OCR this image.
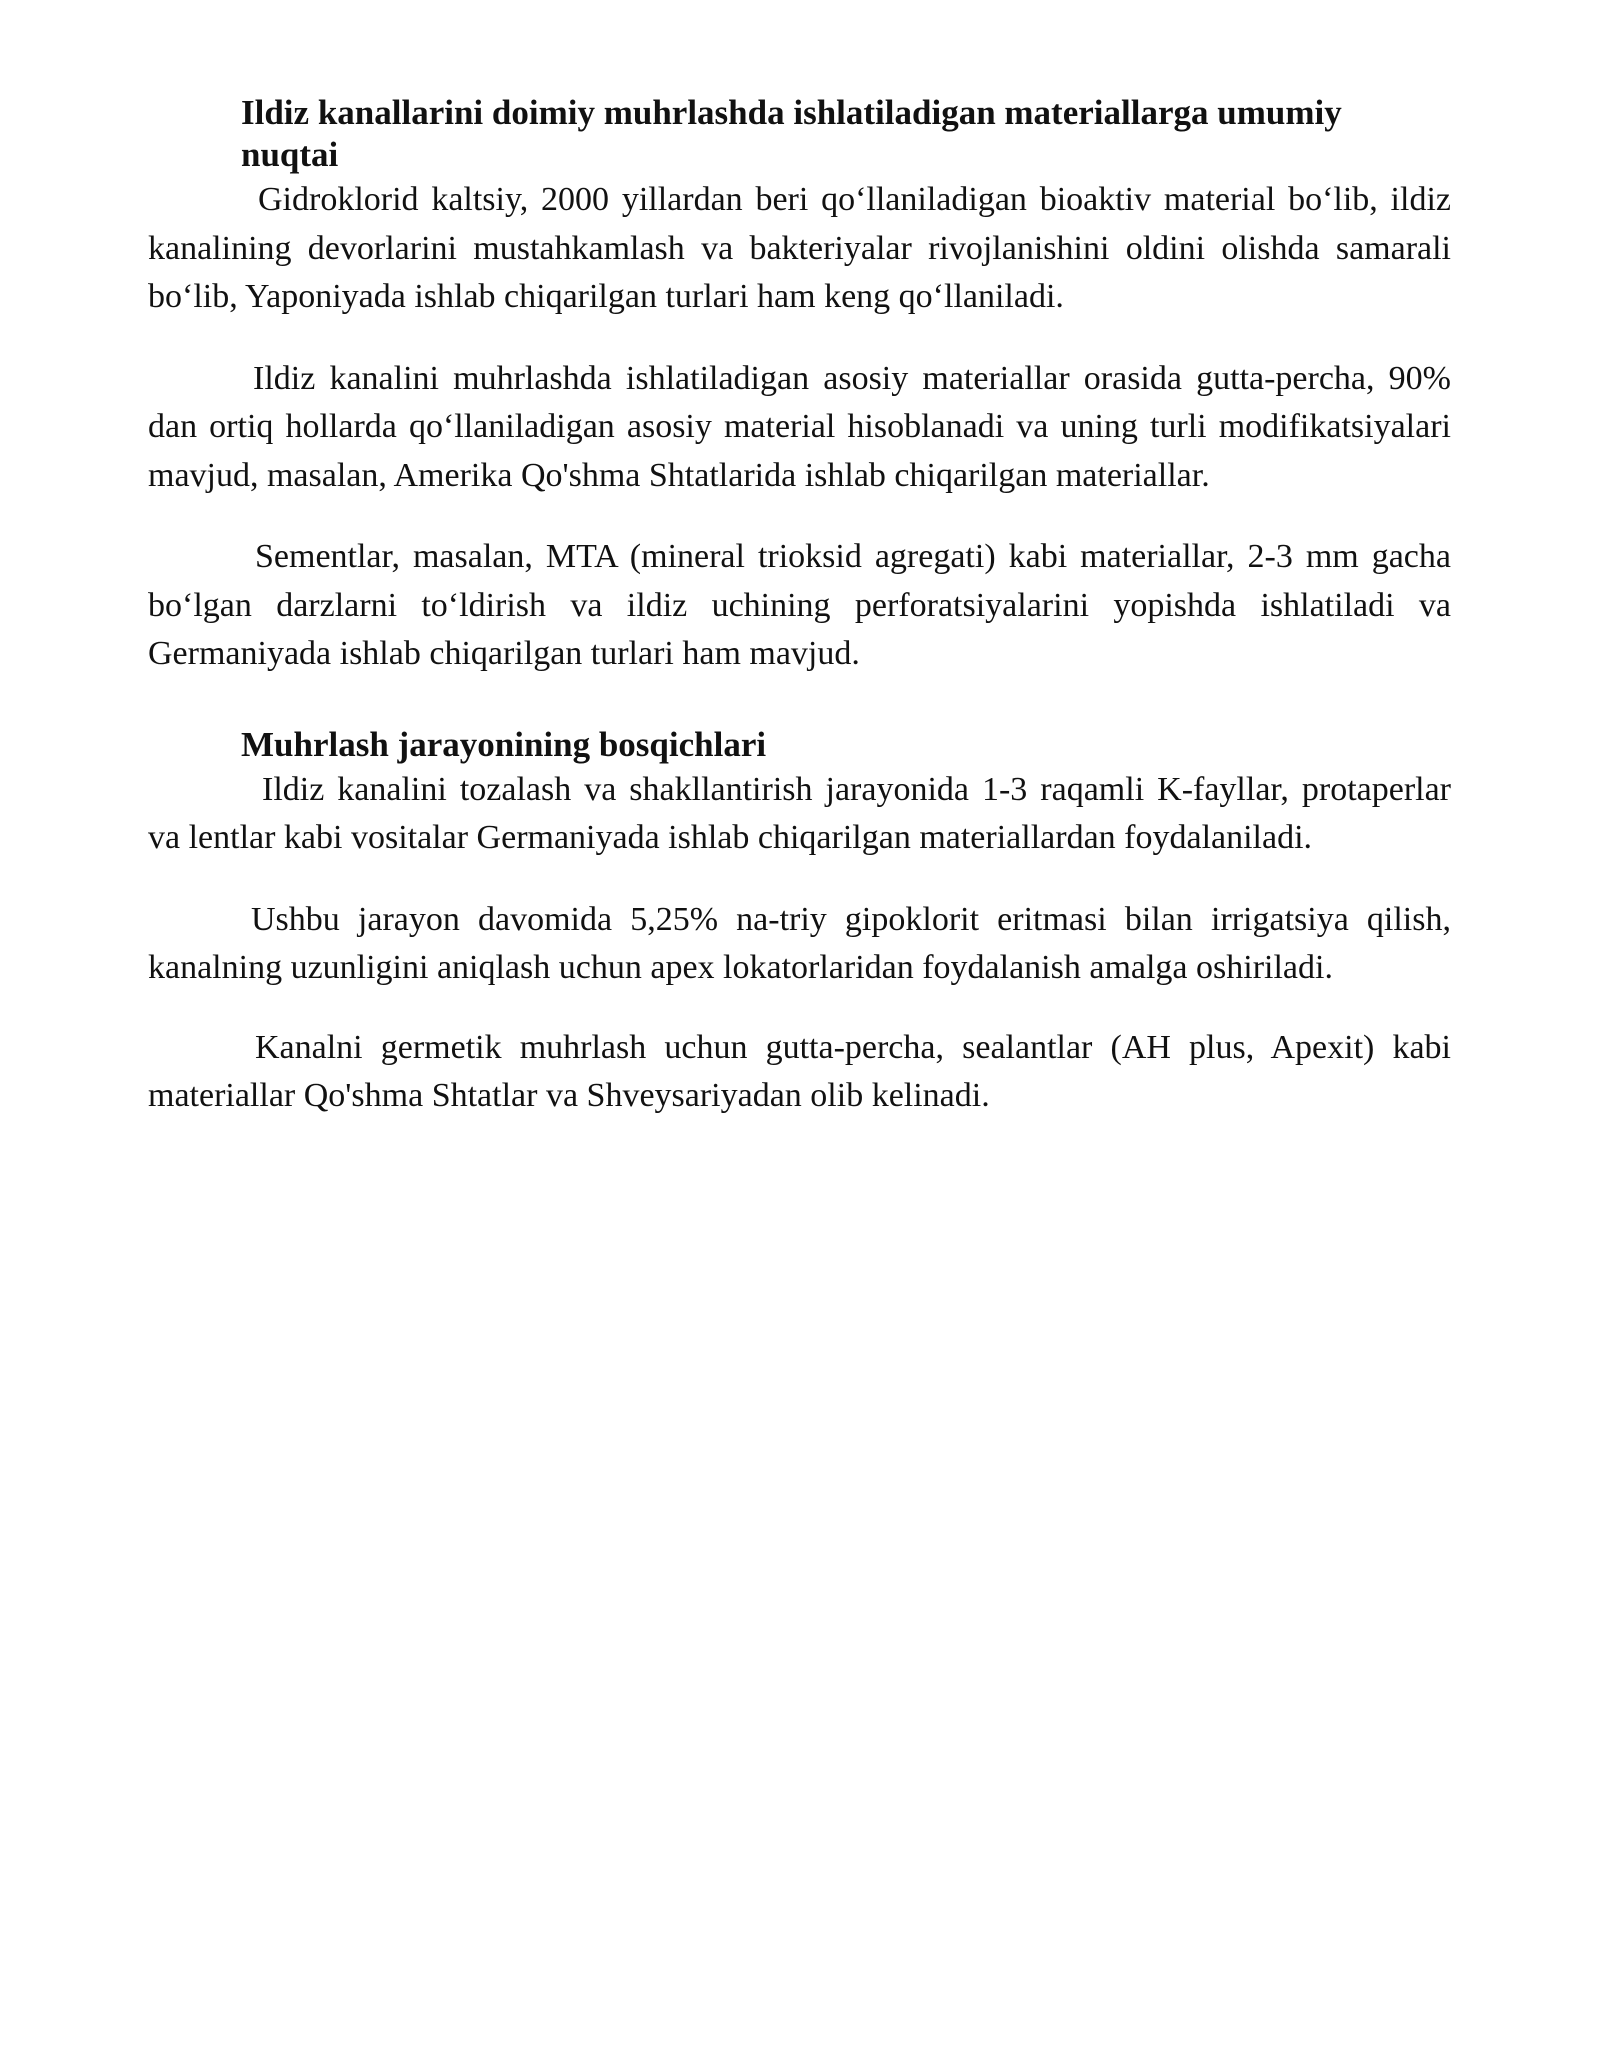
Ildiz kanallarini doimiy muhrlashda ishlatiladigan materiallarga umumiy nuqtai

Gidroklorid kaltsiy, 2000 yillardan beri qo‘llaniladigan bioaktiv material bo‘lib, ildiz kanalining devorlarini mustahkamlash va bakteriyalar rivojlanishini oldini olishda samarali bo‘lib, Yaponiyada ishlab chiqarilgan turlari ham keng qo‘llaniladi.

Ildiz kanalini muhrlashda ishlatiladigan asosiy materiallar orasida gutta-percha, 90% dan ortiq hollarda qo‘llaniladigan asosiy material hisoblanadi va uning turli modifikatsiyalari mavjud, masalan, Amerika Qo'shma Shtatlarida ishlab chiqarilgan materiallar.

Sementlar, masalan, MTA (mineral trioksid agregati) kabi materiallar, 2-3 mm gacha bo‘lgan darzlarni to‘ldirish va ildiz uchining perforatsiyalarini yopishda ishlatiladi va Germaniyada ishlab chiqarilgan turlari ham mavjud.

Muhrlash jarayonining bosqichlari

Ildiz kanalini tozalash va shakllantirish jarayonida 1-3 raqamli K-fayllar, protaperlar va lentlar kabi vositalar Germaniyada ishlab chiqarilgan materiallardan foydalaniladi.

Ushbu jarayon davomida 5,25% na-triy gipoklorit eritmasi bilan irrigatsiya qilish, kanalning uzunligini aniqlash uchun apex lokatorlaridan foydalanish amalga oshiriladi.

Kanalni germetik muhrlash uchun gutta-percha, sealantlar (AH plus, Apexit) kabi materiallar Qo'shma Shtatlar va Shveysariyadan olib kelinadi.
